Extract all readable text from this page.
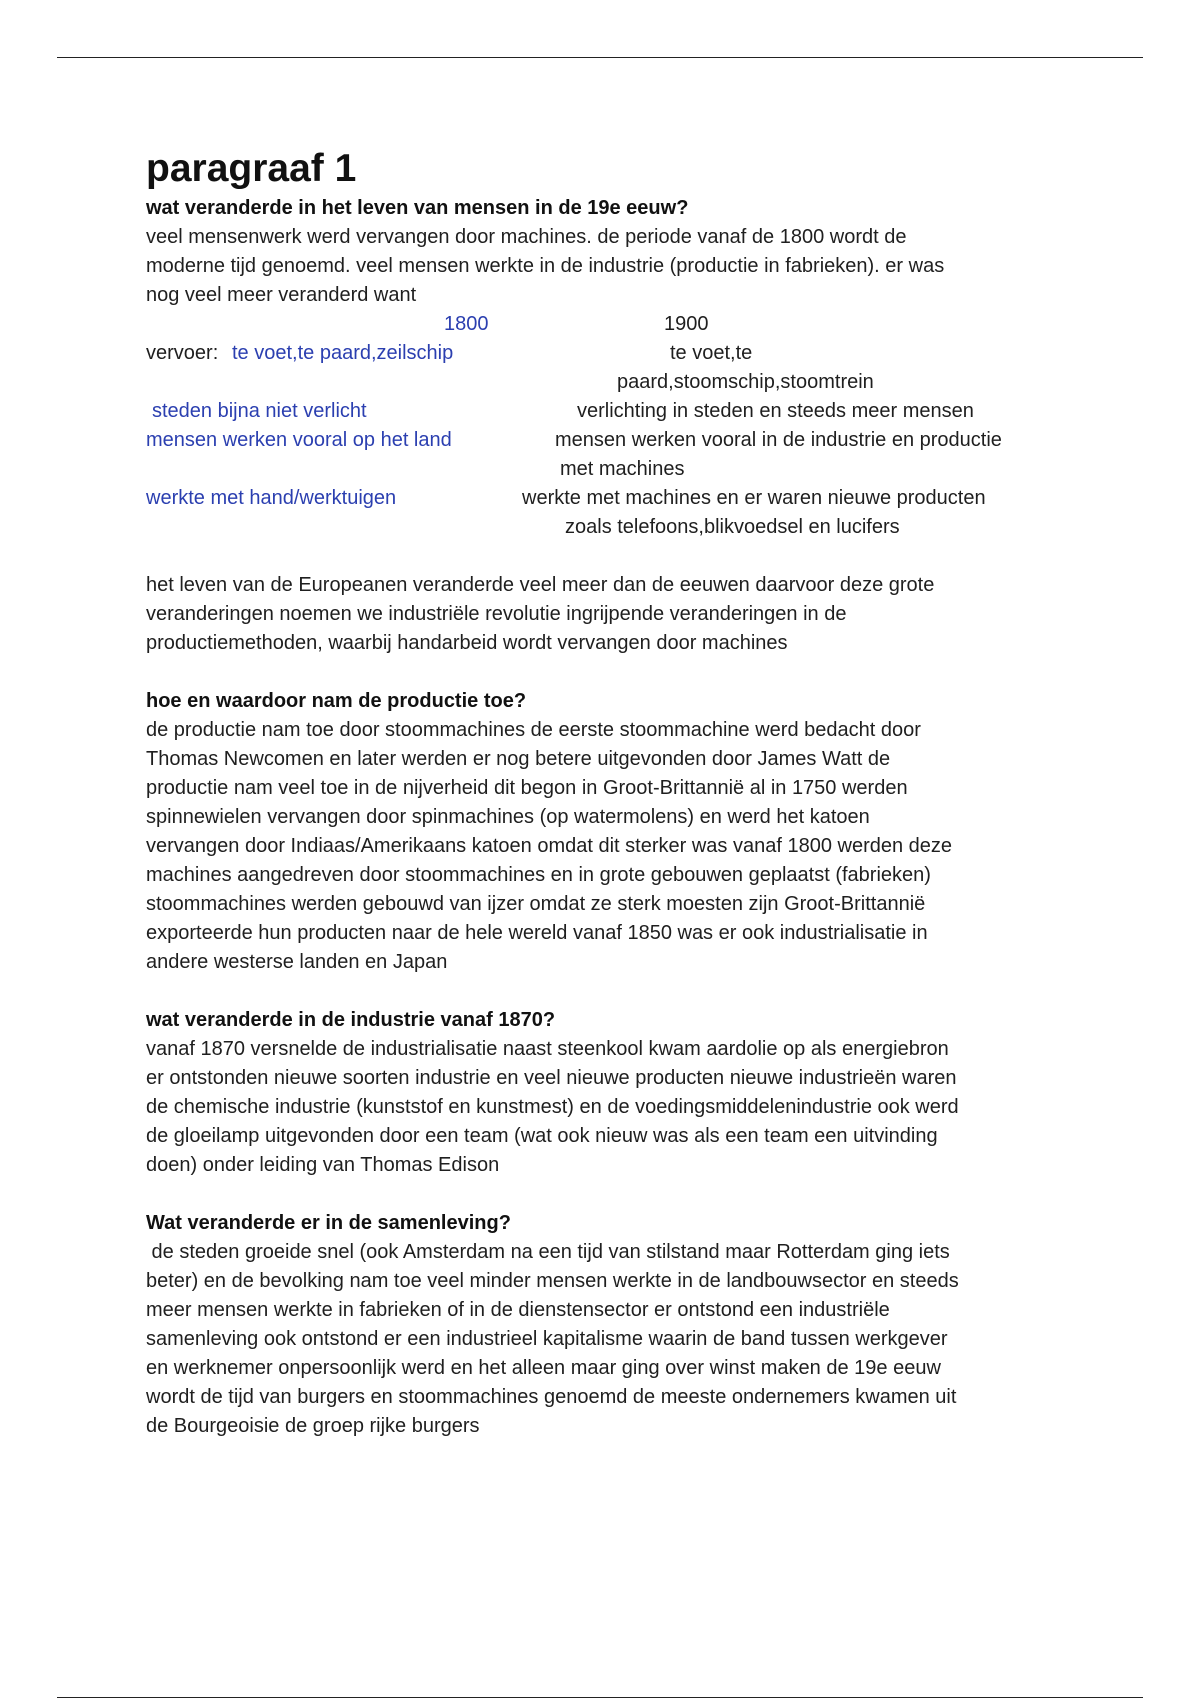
paragraaf 1

wat veranderde in het leven van mensen in de 19e eeuw?

veel mensenwerk werd vervangen door machines. de periode vanaf de 1800 wordt de

moderne tijd genoemd. veel mensen werkte in de industrie (productie in fabrieken). er was

nog veel meer veranderd want

1800	1900
vervoer: te voet,te paard,zeilschip	te voet,te
paard,stoomschip,stoomtrein
steden bijna niet verlicht	verlichting in steden en steeds meer mensen
mensen werken vooral op het land	mensen werken vooral in de industrie en productie
met machines
werkte met hand/werktuigen	werkte met machines en er waren nieuwe producten
zoals telefoons,blikvoedsel en lucifers

het leven van de Europeanen veranderde veel meer dan de eeuwen daarvoor deze grote

veranderingen noemen we industriële revolutie ingrijpende veranderingen in de

productiemethoden, waarbij handarbeid wordt vervangen door machines

hoe en waardoor nam de productie toe?

de productie nam toe door stoommachines de eerste stoommachine werd bedacht door

Thomas Newcomen en later werden er nog betere uitgevonden door James Watt de

productie nam veel toe in de nijverheid dit begon in Groot-Brittannië al in 1750 werden

spinnewielen vervangen door spinmachines (op watermolens) en werd het katoen

vervangen door Indiaas/Amerikaans katoen omdat dit sterker was vanaf 1800 werden deze

machines aangedreven door stoommachines en in grote gebouwen geplaatst (fabrieken)

stoommachines werden gebouwd van ijzer omdat ze sterk moesten zijn Groot-Brittannië

exporteerde hun producten naar de hele wereld vanaf 1850 was er ook industrialisatie in

andere westerse landen en Japan

wat veranderde in de industrie vanaf 1870?

vanaf 1870 versnelde de industrialisatie naast steenkool kwam aardolie op als energiebron

er ontstonden nieuwe soorten industrie en veel nieuwe producten nieuwe industrieën waren

de chemische industrie (kunststof en kunstmest) en de voedingsmiddelenindustrie ook werd

de gloeilamp uitgevonden door een team (wat ook nieuw was als een team een uitvinding

doen) onder leiding van Thomas Edison

Wat veranderde er in de samenleving?

de steden groeide snel (ook Amsterdam na een tijd van stilstand maar Rotterdam ging iets

beter) en de bevolking nam toe veel minder mensen werkte in de landbouwsector en steeds

meer mensen werkte in fabrieken of in de dienstensector er ontstond een industriële

samenleving ook ontstond er een industrieel kapitalisme waarin de band tussen werkgever

en werknemer onpersoonlijk werd en het alleen maar ging over winst maken de 19e eeuw

wordt de tijd van burgers en stoommachines genoemd de meeste ondernemers kwamen uit

de Bourgeoisie de groep rijke burgers
